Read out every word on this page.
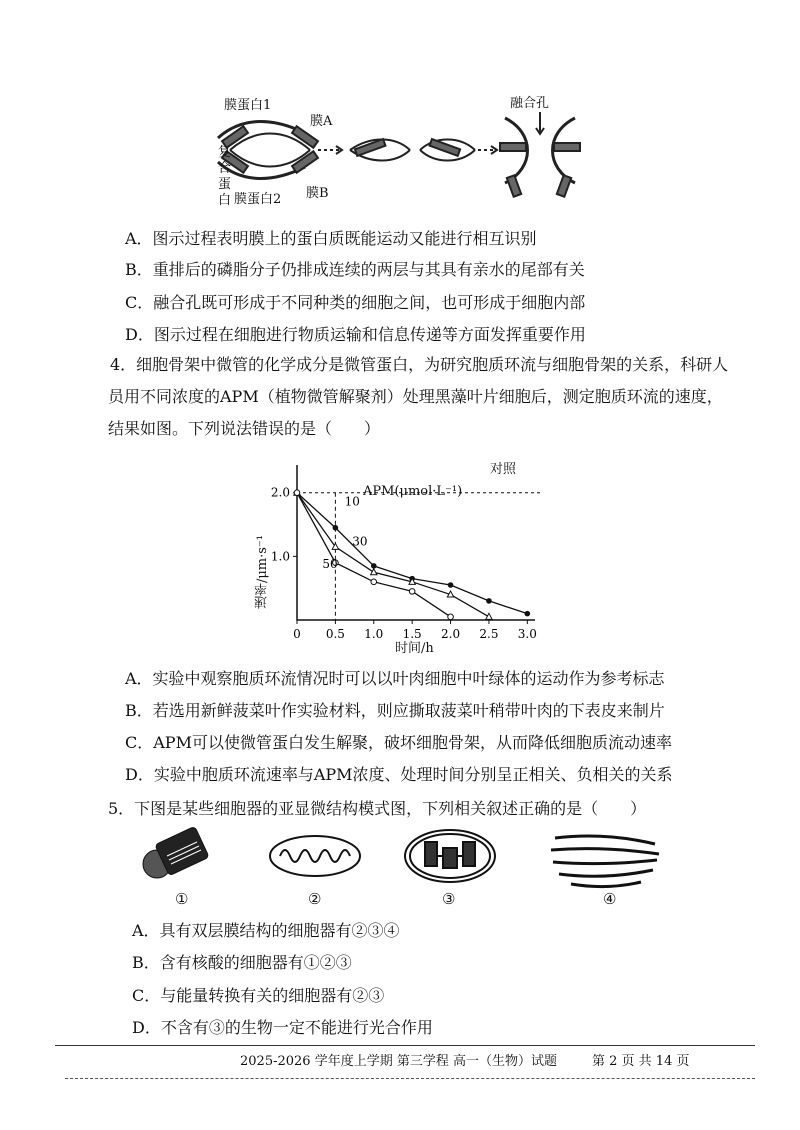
膜蛋白1
膜A
复
合
蛋
白 膜蛋白2 膜B
融合孔
A．图示过程表明膜上的蛋白质既能运动又能进行相互识别
B．重排后的磷脂分子仍排成连续的两层与其具有亲水的尾部有关
C．融合孔既可形成于不同种类的细胞之间，也可形成于细胞内部
D．图示过程在细胞进行物质运输和信息传递等方面发挥重要作用
4．细胞骨架中微管的化学成分是微管蛋白，为研究胞质环流与细胞骨架的关系，科研人
员用不同浓度的APM（植物微管解聚剂）处理黑藻叶片细胞后，测定胞质环流的速度，
结果如图。下列说法错误的是（　　）
0 0.5 1.0 1.5 2.0 2.5 3.0
1.0
2.0
10
30
50
对照
APM(μmol·L⁻¹)
时间/h
速率/μm·s⁻¹
A．实验中观察胞质环流情况时可以以叶肉细胞中叶绿体的运动作为参考标志
B．若选用新鲜菠菜叶作实验材料，则应撕取菠菜叶稍带叶肉的下表皮来制片
C．APM可以使微管蛋白发生解聚，破坏细胞骨架，从而降低细胞质流动速率
D．实验中胞质环流速率与APM浓度、处理时间分别呈正相关、负相关的关系
5．下图是某些细胞器的亚显微结构模式图，下列相关叙述正确的是（　　）
①	②	③	④
A．具有双层膜结构的细胞器有②③④
B．含有核酸的细胞器有①②③
C．与能量转换有关的细胞器有②③
D．不含有③的生物一定不能进行光合作用
2025-2026 学年度上学期 第三学程 高一（生物）试题	第 2 页 共 14 页
